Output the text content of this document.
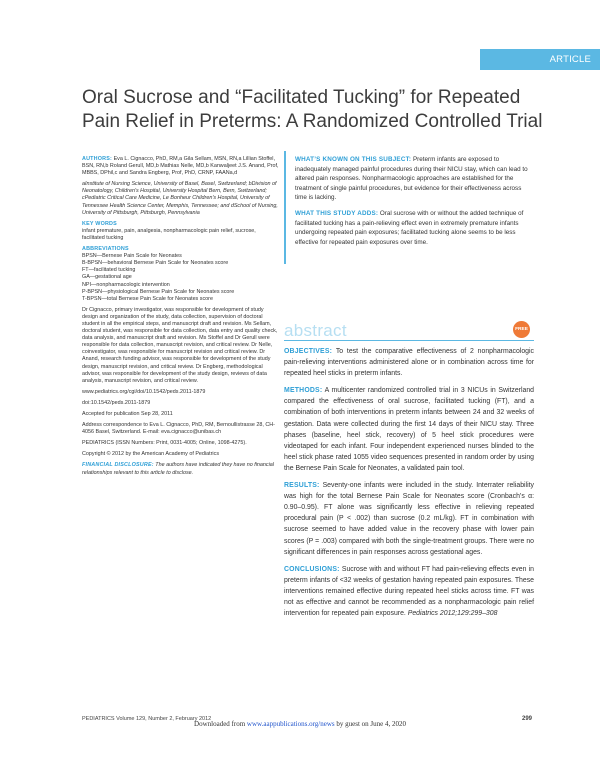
ARTICLE
Oral Sucrose and “Facilitated Tucking” for Repeated Pain Relief in Preterms: A Randomized Controlled Trial

AUTHORS: Eva L. Cignacco, PhD, RM,a Gila Sellam, MSN, RN,a Lillian Stoffel, BSN, RN,b Roland Gerull, MD,b Mathias Nelle, MD,b Kanwaljeet J.S. Anand, Prof, MBBS, DPhil,c and Sandra Engberg, Prof, PhD, CRNP, FAANa,d

aInstitute of Nursing Science, University of Basel, Basel, Switzerland; bDivision of Neonatology, Children's Hospital, University Hospital Bern, Bern, Switzerland; cPediatric Critical Care Medicine, Le Bonheur Children's Hospital, University of Tennessee Health Science Center, Memphis, Tennessee; and dSchool of Nursing, University of Pittsburgh, Pittsburgh, Pennsylvania

KEY WORDS
infant premature, pain, analgesia, nonpharmacologic pain relief, sucrose, facilitated tucking

ABBREVIATIONS
BPSN—Bernese Pain Scale for Neonates
B-BPSN—behavioral Bernese Pain Scale for Neonates score
FT—facilitated tucking
GA—gestational age
NPI—nonpharmacologic intervention
P-BPSN—physiological Bernese Pain Scale for Neonates score
T-BPSN—total Bernese Pain Scale for Neonates score

Dr Cignacco, primary investigator, was responsible for development of study design and organization of the study, data collection, supervision of doctoral student in all the empirical steps, and manuscript draft and revision. Ms Sellam, doctoral student, was responsible for data collection, data entry and quality check, data analysis, and manuscript draft and revision. Ms Stoffel and Dr Gerull were responsible for data collection, manuscript revision, and critical review. Dr Nelle, coinvestigator, was responsible for manuscript revision and critical review. Dr Anand, research funding advisor, was responsible for development of the study design, manuscript revision, and critical review. Dr Engberg, methodological advisor, was responsible for development of the study design, reviews of data analysis, manuscript revision, and critical review.

www.pediatrics.org/cgi/doi/10.1542/peds.2011-1879

doi:10.1542/peds.2011-1879

Accepted for publication Sep 28, 2011

Address correspondence to Eva L. Cignacco, PhD, RM, Bernoullistrasse 28, CH-4056 Basel, Switzerland. E-mail: eva.cignacco@unibas.ch

PEDIATRICS (ISSN Numbers: Print, 0031-4005; Online, 1098-4275).

Copyright © 2012 by the American Academy of Pediatrics

FINANCIAL DISCLOSURE: The authors have indicated they have no financial relationships relevant to this article to disclose.

WHAT’S KNOWN ON THIS SUBJECT: Preterm infants are exposed to inadequately managed painful procedures during their NICU stay, which can lead to altered pain responses. Nonpharmacologic approaches are established for the treatment of single painful procedures, but evidence for their effectiveness across time is lacking.

WHAT THIS STUDY ADDS: Oral sucrose with or without the added technique of facilitated tucking has a pain-relieving effect even in extremely premature infants undergoing repeated pain exposures; facilitated tucking alone seems to be less effective for repeated pain exposures over time.

abstract	FREE

OBJECTIVES: To test the comparative effectiveness of 2 nonpharmacologic pain-relieving interventions administered alone or in combination across time for repeated heel sticks in preterm infants.

METHODS: A multicenter randomized controlled trial in 3 NICUs in Switzerland compared the effectiveness of oral sucrose, facilitated tucking (FT), and a combination of both interventions in preterm infants between 24 and 32 weeks of gestation. Data were collected during the first 14 days of their NICU stay. Three phases (baseline, heel stick, recovery) of 5 heel stick procedures were videotaped for each infant. Four independent experienced nurses blinded to the heel stick phase rated 1055 video sequences presented in random order by using the Bernese Pain Scale for Neonates, a validated pain tool.

RESULTS: Seventy-one infants were included in the study. Interrater reliability was high for the total Bernese Pain Scale for Neonates score (Cronbach’s α: 0.90–0.95). FT alone was significantly less effective in relieving repeated procedural pain (P < .002) than sucrose (0.2 mL/kg). FT in combination with sucrose seemed to have added value in the recovery phase with lower pain scores (P = .003) compared with both the single-treatment groups. There were no significant differences in pain responses across gestational ages.

CONCLUSIONS: Sucrose with and without FT had pain-relieving effects even in preterm infants of <32 weeks of gestation having repeated pain exposures. These interventions remained effective during repeated heel sticks across time. FT was not as effective and cannot be recommended as a nonpharmacologic pain relief intervention for repeated pain exposure. Pediatrics 2012;129:299–308

PEDIATRICS Volume 129, Number 2, February 2012	299
Downloaded from www.aappublications.org/news by guest on June 4, 2020
